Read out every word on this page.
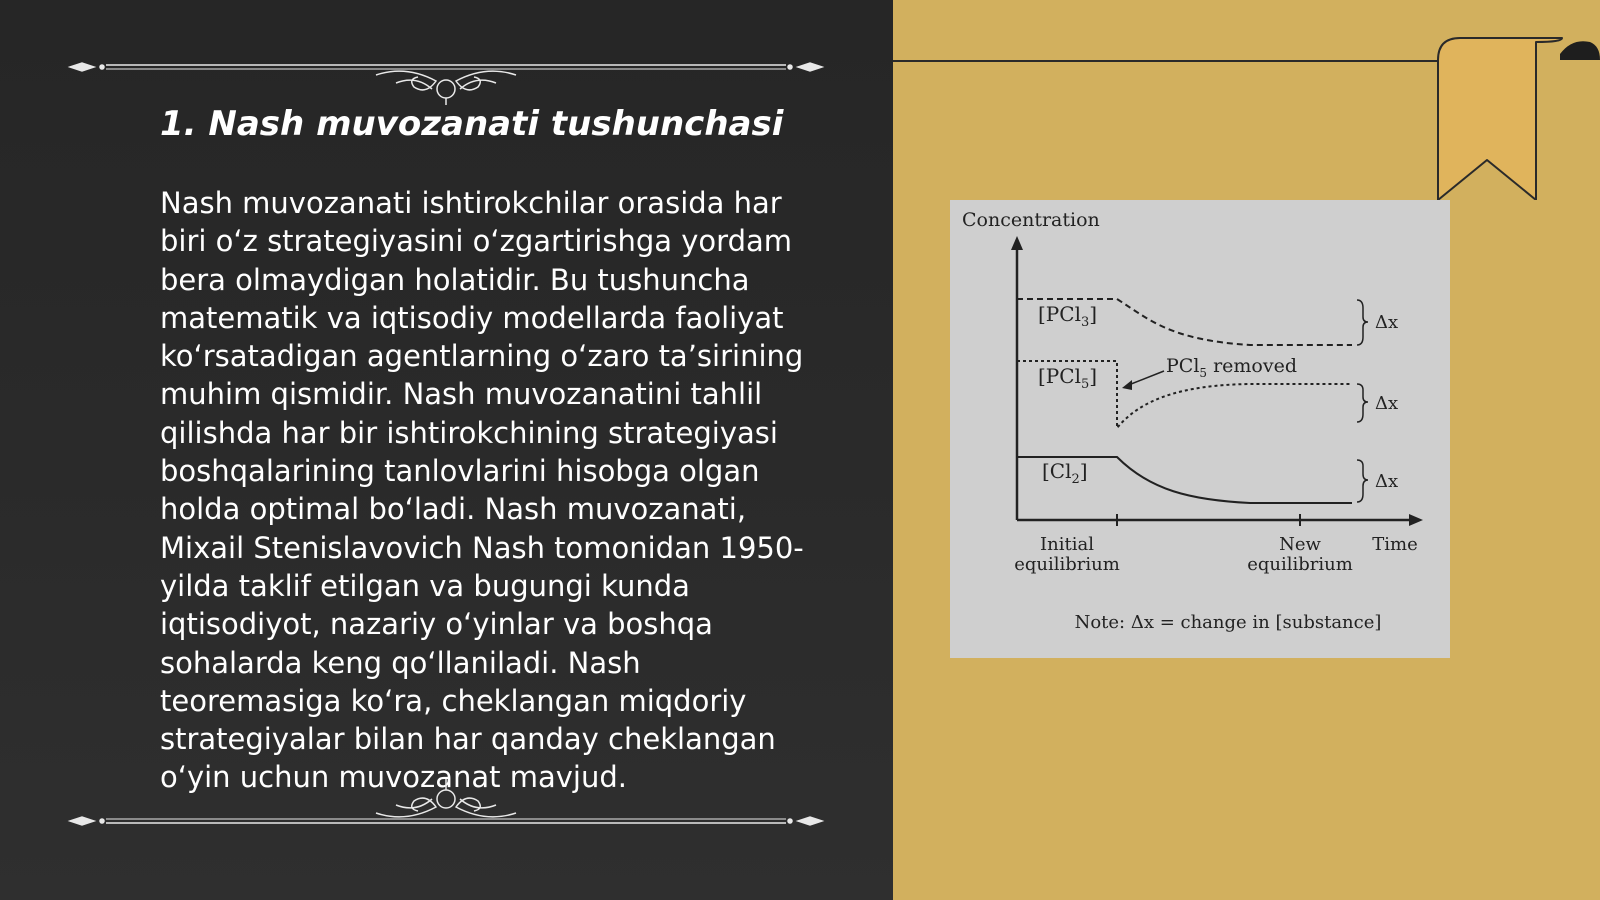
1. Nash muvozanati tushunchasi
Nash muvozanati ishtirokchilar orasida har biri o‘z strategiyasini o‘zgartirishga yordam bera olmaydigan holatidir. Bu tushuncha matematik va iqtisodiy modellarda faoliyat ko‘rsatadigan agentlarning o‘zaro ta’sirining muhim qismidir. Nash muvozanatini tahlil qilishda har bir ishtirokchining strategiyasi boshqalarining tanlovlarini hisobga olgan holda optimal bo‘ladi. Nash muvozanati, Mixail Stenislavovich Nash tomonidan 1950-yilda taklif etilgan va bugungi kunda iqtisodiyot, nazariy o‘yinlar va boshqa sohalarda keng qo‘llaniladi. Nash teoremasiga ko‘ra, cheklangan miqdoriy strategiyalar bilan har qanday cheklangan o‘yin uchun muvozanat mavjud.
Concentration
[PCl$_3$]
[PCl$_5$]
$[Cl_2]$
PCl$_5$ removed
Δx
Δx
Δx
Initial
equilibrium
New
equilibrium
Time
Note: Δx = change in [substance]
